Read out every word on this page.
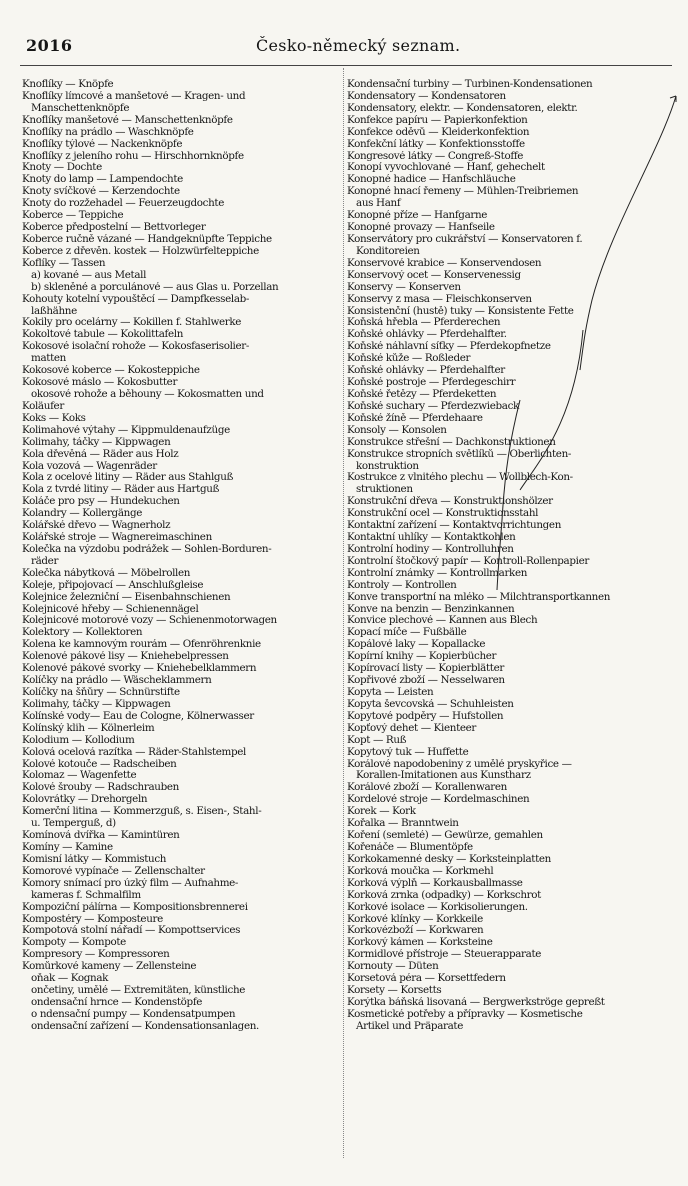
2016	Česko-německý seznam.
Knoflíky — Knöpfe
Knoflíky límcové a manšetové — Kragen- und
Manschettenknöpfe
Knoflíky manšetové — Manschettenknöpfe
Knoflíky na prádlo — Waschknöpfe
Knoflíky týlové — Nackenknöpfe
Knoflíky z jeleního rohu — Hirschhornknöpfe
Knoty — Dochte
Knoty do lamp — Lampendochte
Knoty svíčkové — Kerzendochte
Knoty do rozžehadel — Feuerzeugdochte
Koberce — Teppiche
Koberce předpostelní — Bettvorleger
Koberce ručně vázané — Handgeknüpfte Teppiche
Koberce z dřevěn. kostek — Holzwürfelteppiche
Koflíky — Tassen
a) kované — aus Metall
b) skleněné a porculánové — aus Glas u. Porzellan
Kohouty kotelní vypouštěcí — Dampfkesselab-
laßhähne
Kokily pro ocelárny — Kokillen f. Stahlwerke
Kokoltové tabule — Kokolittafeln
Kokosové isolační rohože — Kokosfaserisolier-
matten
Kokosové koberce — Kokosteppiche
Kokosové máslo — Kokosbutter
okosové rohože a běhouny — Kokosmatten und
Koläufer
Koks — Koks
Kolimahové výtahy — Kippmuldenaufzüge
Kolimahy, táčky — Kippwagen
Kola dřevěná — Räder aus Holz
Kola vozová — Wagenräder
Kola z ocelové litiny — Räder aus Stahlguß
Kola z tvrdé litiny — Räder aus Hartguß
Koláče pro psy — Hundekuchen
Kolandry — Kollergänge
Kolářské dřevo — Wagnerholz
Kolářské stroje — Wagnereimaschinen
Kolečka na výzdobu podrážek — Sohlen-Borduren-
räder
Kolečka nábytková — Möbelrollen
Koleje, připojovací — Anschlußgleise
Kolejnice železniční — Eisenbahnschienen
Kolejnicové hřeby — Schienennägel
Kolejnicové motorové vozy — Schienenmotorwagen
Kolektory — Kollektoren
Kolena ke kamnovým rourám — Ofenröhrenknie
Kolenové pákové lisy — Kniehebelpressen
Kolenové pákové svorky — Kniehebelklammern
Kolíčky na prádlo — Wäscheklammern
Kolíčky na šňůry — Schnürstifte
Kolimahy, táčky — Kippwagen
Kolínské vody— Eau de Cologne, Kölnerwasser
Kolínský klih — Kölnerleim
Kolodium — Kollodium
Kolová ocelová razítka — Räder-Stahlstempel
Kolové kotouče — Radscheiben
Kolomaz — Wagenfette
Kolové šrouby — Radschrauben
Kolovrátky — Drehorgeln
Komerční litina — Kommerzguß, s. Eisen-, Stahl-
u. Temperguß, d)
Komínová dvířka — Kamintüren
Komíny — Kamine
Komisní látky — Kommistuch
Komorové vypínače — Zellenschalter
Komory snímací pro úzký film — Aufnahme-
kameras f. Schmalfilm
Kompoziční pálírna — Kompositionsbrennerei
Kompostéry — Komposteure
Kompotová stolní nářadí — Kompottservices
Kompoty — Kompote
Kompresory — Kompressoren
Komůrkové kameny — Zellensteine
oňak — Kognak
ončetiny, umělé — Extremitäten, künstliche
ondensační hrnce — Kondenstöpfe
o ndensační pumpy — Kondensatpumpen
ondensační zařízení — Kondensationsanlagen.
Kondensační turbiny — Turbinen-Kondensationen
Kondensatory — Kondensatoren
Kondensatory, elektr. — Kondensatoren, elektr.
Konfekce papíru — Papierkonfektion
Konfekce oděvů — Kleiderkonfektion
Konfekční látky — Konfektionsstoffe
Kongresové látky — Congreß-Stoffe
Konopí vyvochlované — Hanf, gehechelt
Konopné hadice — Hanfschläuche
Konopné hnací řemeny — Mühlen-Treibriemen
aus Hanf
Konopné příze — Hanfgarne
Konopné provazy — Hanfseile
Konservátory pro cukrářství — Konservatoren f.
Konditoreien
Konservové krabice — Konservendosen
Konservový ocet — Konservenessig
Konservy — Konserven
Konservy z masa — Fleischkonserven
Konsistenční (hustě) tuky — Konsistente Fette
Koňská hřebla — Pferderechen
Koňské ohlávky — Pferdehalfter.
Koňské náhlavní síťky — Pferdekopfnetze
Koňské kůže — Roßleder
Koňské ohlávky — Pferdehalfter
Koňské postroje — Pferdegeschirr
Koňské řetězy — Pferdeketten
Koňské suchary — Pferdezwieback
Koňské žíně — Pferdehaare
Konsoly — Konsolen
Konstrukce střešní — Dachkonstruktionen
Konstrukce stropních světlíků — Oberlichten-
konstruktion
Kostrukce z vlnitého plechu — Wollblech-Kon-
struktionen
Konstrukční dřeva — Konstruktionshölzer
Konstrukční ocel — Konstruktionsstahl
Kontaktní zařízení — Kontaktvorrichtungen
Kontaktní uhlíky — Kontaktkohlen
Kontrolní hodiny — Kontrolluhren
Kontrolní štočkový papír — Kontroll-Rollenpapier
Kontrolní známky — Kontrollmarken
Kontroly — Kontrollen
Konve transportní na mléko — Milchtransportkannen
Konve na benzin — Benzinkannen
Konvice plechové — Kannen aus Blech
Kopací míče — Fußbälle
Kopálové laky — Kopallacke
Kopírní knihy — Kopierbücher
Kopírovací listy — Kopierblätter
Kopřivové zboží — Nesselwaren
Kopyta — Leisten
Kopyta ševcovská — Schuhleisten
Kopytové podpěry — Hufstollen
Kopťový dehet — Kienteer
Kopt — Ruß
Kopytový tuk — Huffette
Korálové napodobeniny z umělé pryskyřice —
Korallen-Imitationen aus Kunstharz
Korálové zboží — Korallenwaren
Kordelové stroje — Kordelmaschinen
Korek — Kork
Kořalka — Branntwein
Koření (semleté) — Gewürze, gemahlen
Kořenáče — Blumentöpfe
Korkokamenné desky — Korksteinplatten
Korková moučka — Korkmehl
Korková výplň — Korkausballmasse
Korková zrnka (odpadky) — Korkschrot
Korkové isolace — Korkisolierungen.
Korkové klínky — Korkkeile
Korkovézboží — Korkwaren
Korkový kámen — Korksteine
Kormidlové přístroje — Steuerapparate
Kornouty — Düten
Korsetová péra — Korsettfedern
Korsety — Korsetts
Korýtka báňská lisovaná — Bergwerkströge gepreßt
Kosmetické potřeby a přípravky — Kosmetische
Artikel und Präparate
